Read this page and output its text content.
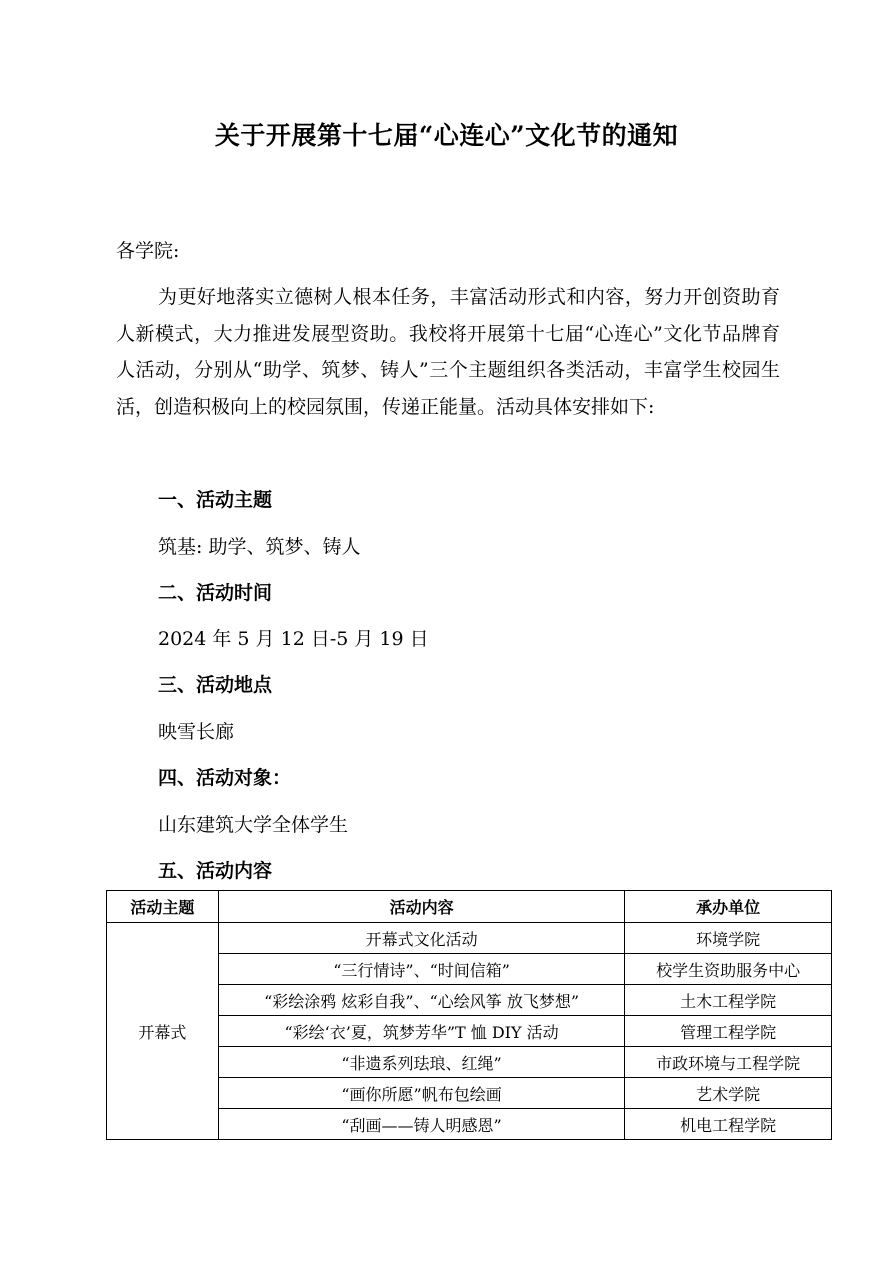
关于开展第十七届“心连心”文化节的通知
各学院:

为更好地落实立德树人根本任务，丰富活动形式和内容，努力开创资助育人新模式，大力推进发展型资助。我校将开展第十七届“心连心”文化节品牌育人活动，分别从“助学、筑梦、铸人”三个主题组织各类活动，丰富学生校园生活，创造积极向上的校园氛围，传递正能量。活动具体安排如下:

一、活动主题
筑基: 助学、筑梦、铸人
二、活动时间
2024 年 5 月 12 日-5 月 19 日
三、活动地点
映雪长廊
四、活动对象：
山东建筑大学全体学生
五、活动内容
活动主题	活动内容	承办单位
开幕式	开幕式文化活动	环境学院
	“三行情诗”、“时间信箱”	校学生资助服务中心
	“彩绘涂鸦 炫彩自我”、“心绘风筝 放飞梦想”	土木工程学院
	“彩绘‘衣’夏，筑梦芳华”T 恤 DIY 活动	管理工程学院
	“非遗系列珐琅、红绳”	市政环境与工程学院
	“画你所愿”帆布包绘画	艺术学院
	“刮画——铸人明感恩”	机电工程学院
